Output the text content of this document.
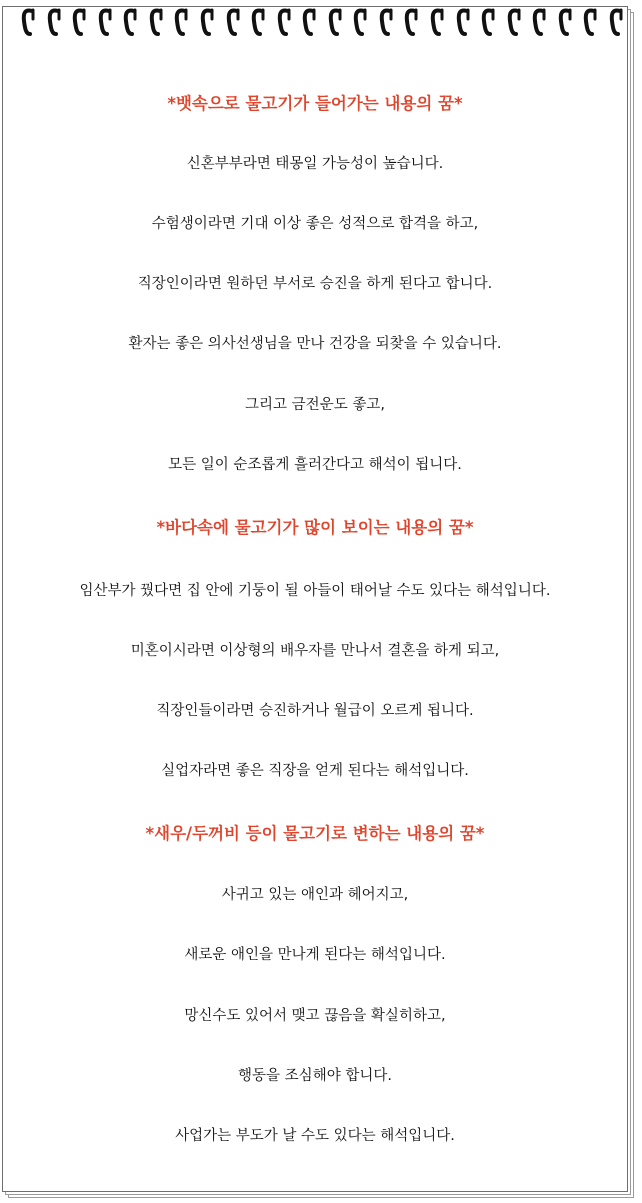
*뱃속으로 물고기가 들어가는 내용의 꿈*
신혼부부라면 태몽일 가능성이 높습니다.
수험생이라면 기대 이상 좋은 성적으로 합격을 하고,
직장인이라면 원하던 부서로 승진을 하게 된다고 합니다.
환자는 좋은 의사선생님을 만나 건강을 되찾을 수 있습니다.
그리고 금전운도 좋고,
모든 일이 순조롭게 흘러간다고 해석이 됩니다.
*바다속에 물고기가 많이 보이는 내용의 꿈*
임산부가 꿨다면 집 안에 기둥이 될 아들이 태어날 수도 있다는 해석입니다.
미혼이시라면 이상형의 배우자를 만나서 결혼을 하게 되고,
직장인들이라면 승진하거나 월급이 오르게 됩니다.
실업자라면 좋은 직장을 얻게 된다는 해석입니다.
*새우/두꺼비 등이 물고기로 변하는 내용의 꿈*
사귀고 있는 애인과 헤어지고,
새로운 애인을 만나게 된다는 해석입니다.
망신수도 있어서 맺고 끊음을 확실히하고,
행동을 조심해야 합니다.
사업가는 부도가 날 수도 있다는 해석입니다.
